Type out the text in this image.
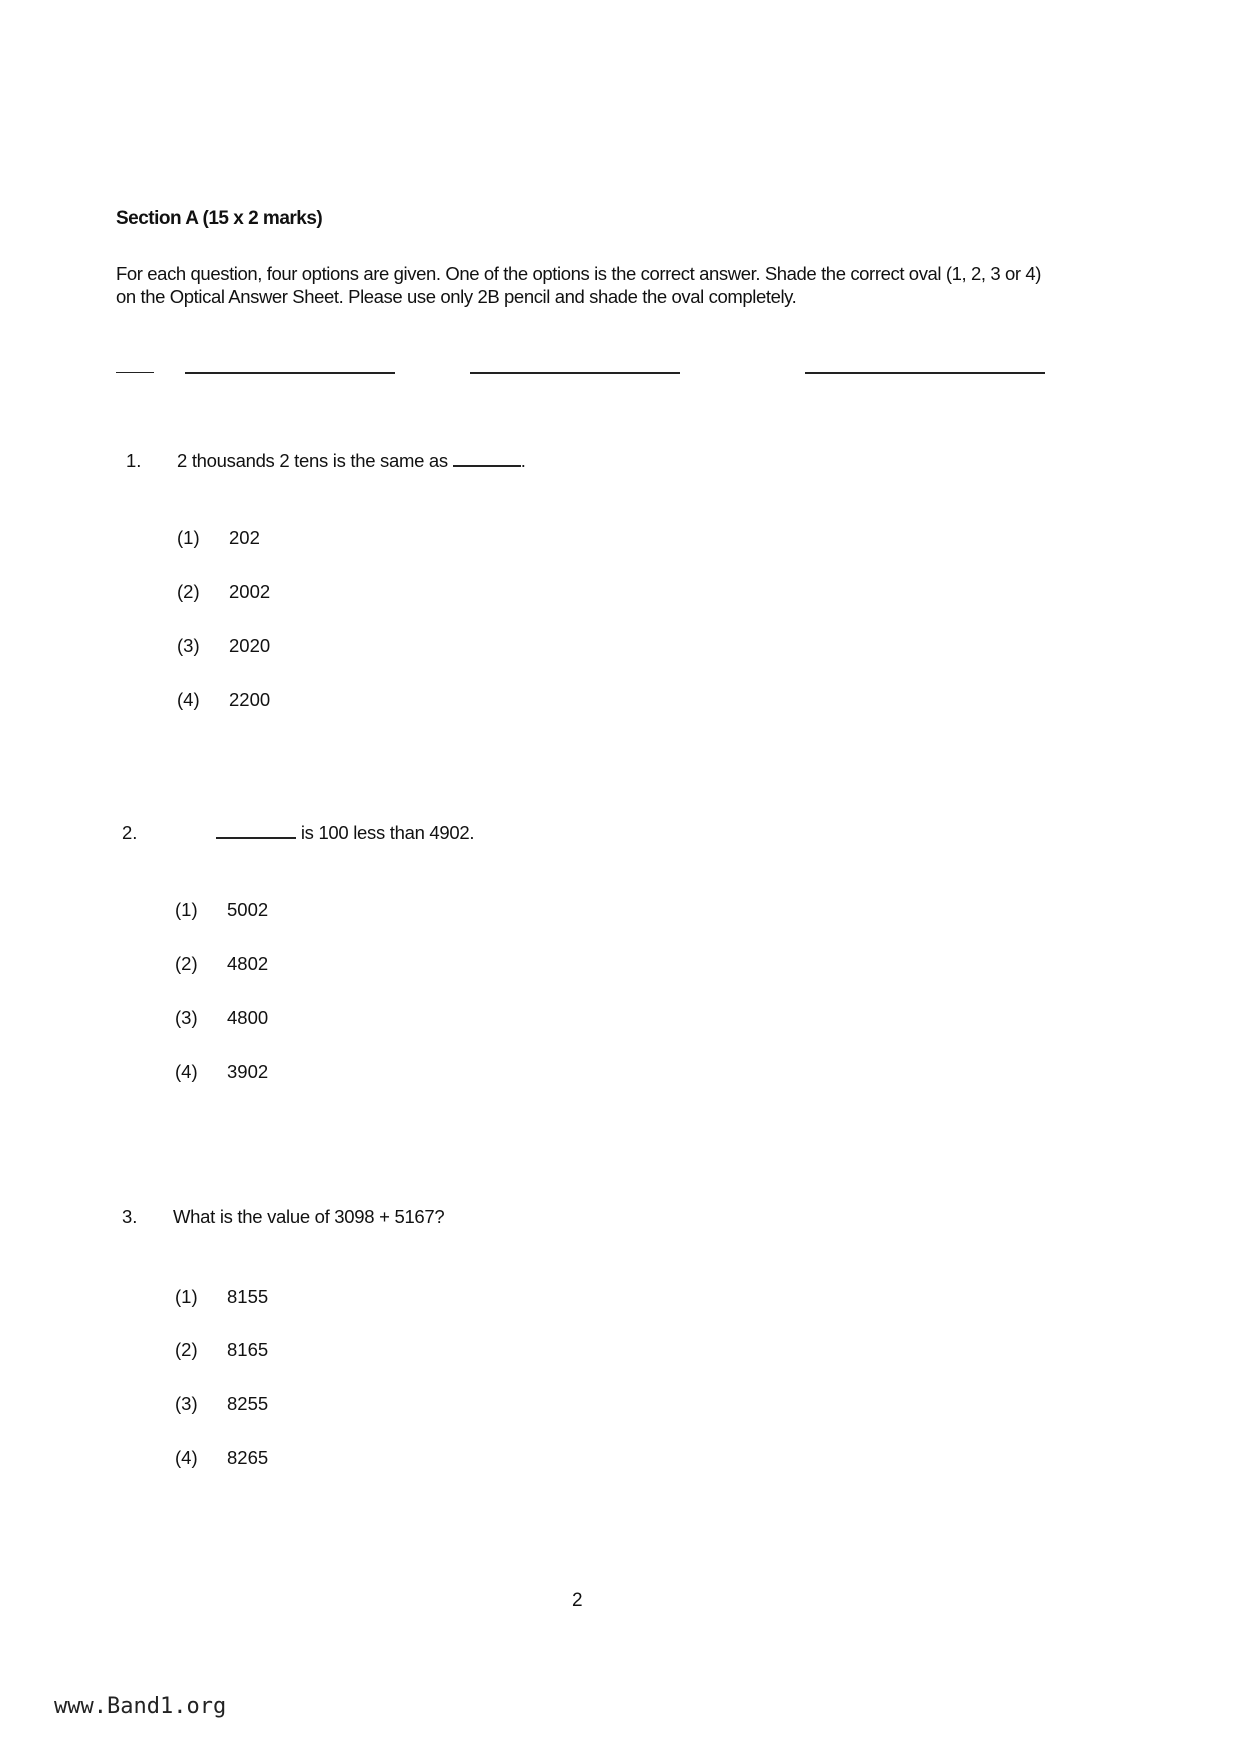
Section A (15 x 2 marks)
For each question, four options are given. One of the options is the correct answer. Shade the correct oval (1, 2, 3 or 4) on the Optical Answer Sheet. Please use only 2B pencil and shade the oval completely.
1. 2 thousands 2 tens is the same as	.
(1) 202
(2) 2002
(3) 2020
(4) 2200
2.	is 100 less than 4902.
(1) 5002
(2) 4802
(3) 4800
(4) 3902
3. What is the value of 3098 + 5167?
(1) 8155
(2) 8165
(3) 8255
(4) 8265
2
www.Band1.org
